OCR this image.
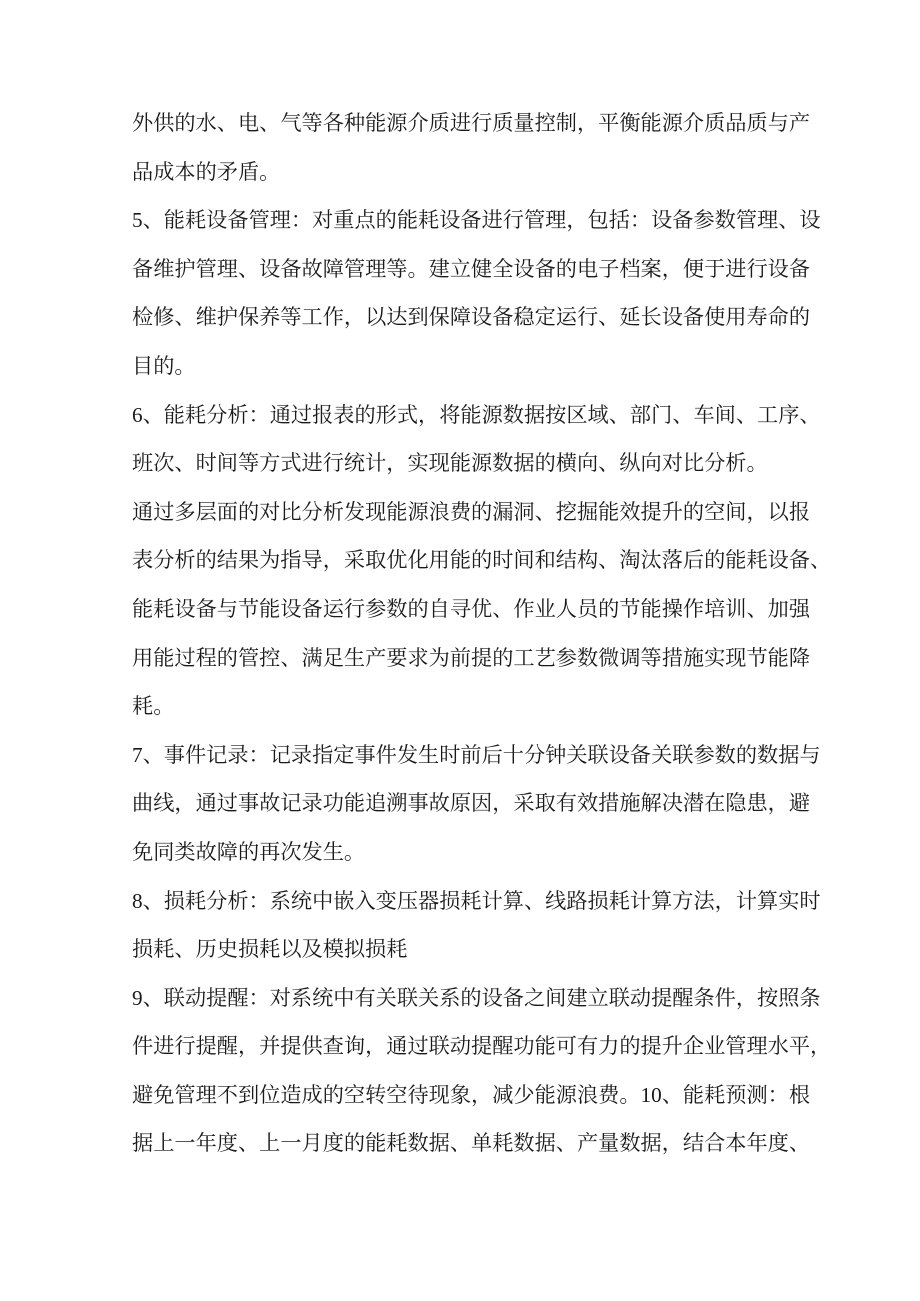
外供的水、电、气等各种能源介质进行质量控制，平衡能源介质品质与产
品成本的矛盾。
5、能耗设备管理：对重点的能耗设备进行管理，包括：设备参数管理、设
备维护管理、设备故障管理等。建立健全设备的电子档案，便于进行设备
检修、维护保养等工作，以达到保障设备稳定运行、延长设备使用寿命的
目的。
6、能耗分析：通过报表的形式，将能源数据按区域、部门、车间、工序、
班次、时间等方式进行统计，实现能源数据的横向、纵向对比分析。
通过多层面的对比分析发现能源浪费的漏洞、挖掘能效提升的空间，以报
表分析的结果为指导，采取优化用能的时间和结构、淘汰落后的能耗设备、
能耗设备与节能设备运行参数的自寻优、作业人员的节能操作培训、加强
用能过程的管控、满足生产要求为前提的工艺参数微调等措施实现节能降
耗。
7、事件记录：记录指定事件发生时前后十分钟关联设备关联参数的数据与
曲线，通过事故记录功能追溯事故原因，采取有效措施解决潜在隐患，避
免同类故障的再次发生。
8、损耗分析：系统中嵌入变压器损耗计算、线路损耗计算方法，计算实时
损耗、历史损耗以及模拟损耗
9、联动提醒：对系统中有关联关系的设备之间建立联动提醒条件，按照条
件进行提醒，并提供查询，通过联动提醒功能可有力的提升企业管理水平，
避免管理不到位造成的空转空待现象，减少能源浪费。10、能耗预测：根
据上一年度、上一月度的能耗数据、单耗数据、产量数据，结合本年度、
